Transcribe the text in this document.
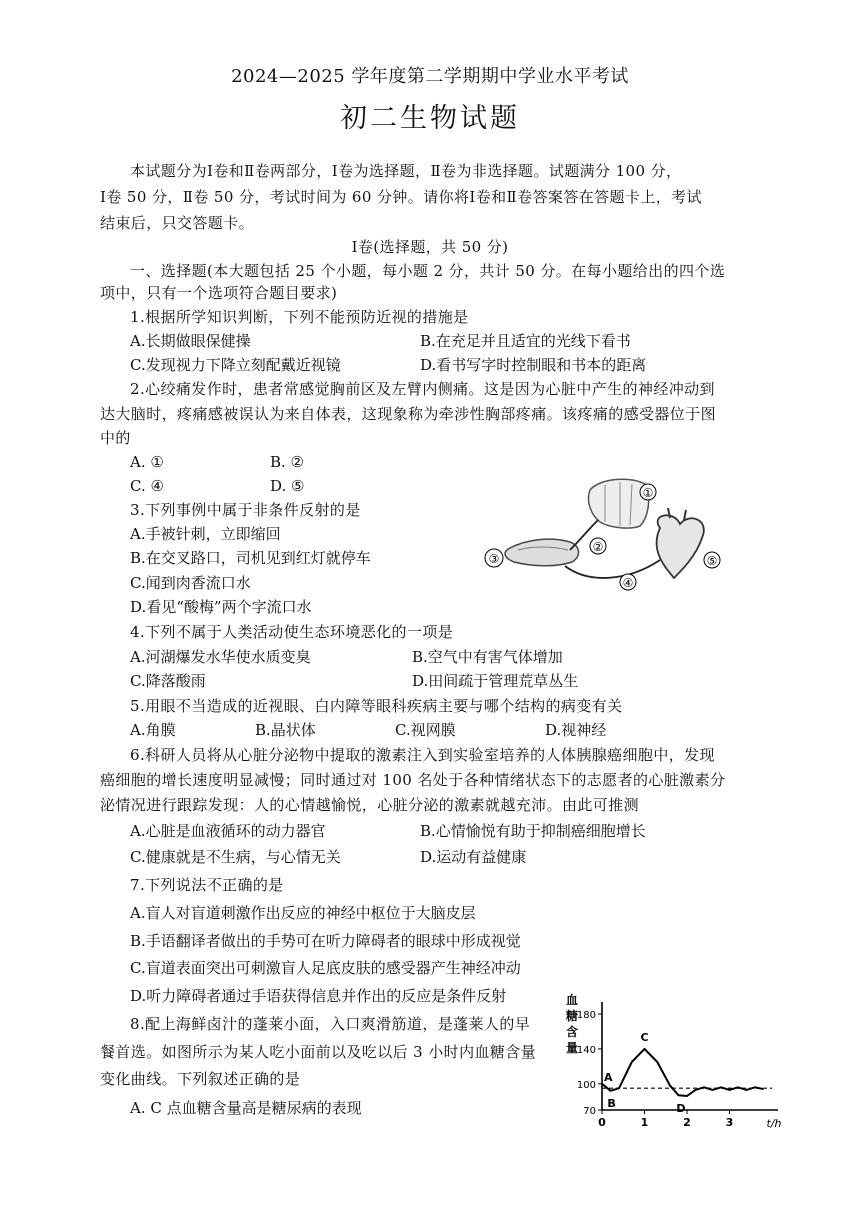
2024—2025 学年度第二学期期中学业水平考试
初二生物试题
本试题分为Ⅰ卷和Ⅱ卷两部分，Ⅰ卷为选择题，Ⅱ卷为非选择题。试题满分 100 分，
Ⅰ卷 50 分，Ⅱ卷 50 分，考试时间为 60 分钟。请你将Ⅰ卷和Ⅱ卷答案答在答题卡上，考试
结束后，只交答题卡。
Ⅰ卷(选择题，共 50 分)
一、选择题(本大题包括 25 个小题，每小题 2 分，共计 50 分。在每小题给出的四个选
项中，只有一个选项符合题目要求)
1.根据所学知识判断，下列不能预防近视的措施是
A.长期做眼保健操	B.在充足并且适宜的光线下看书
C.发现视力下降立刻配戴近视镜	D.看书写字时控制眼和书本的距离
2.心绞痛发作时，患者常感觉胸前区及左臂内侧痛。这是因为心脏中产生的神经冲动到
达大脑时，疼痛感被误认为来自体表，这现象称为牵涉性胸部疼痛。该疼痛的感受器位于图
中的
A. ①	B. ②
C. ④	D. ⑤	①
②
③
④
⑤
3.下列事例中属于非条件反射的是
A.手被针刺，立即缩回
B.在交叉路口，司机见到红灯就停车
C.闻到肉香流口水
D.看见“酸梅”两个字流口水
4.下列不属于人类活动使生态环境恶化的一项是
A.河湖爆发水华使水质变臭	B.空气中有害气体增加
C.降落酸雨	D.田间疏于管理荒草丛生
5.用眼不当造成的近视眼、白内障等眼科疾病主要与哪个结构的病变有关
A.角膜	B.晶状体	C.视网膜	D.视神经
6.科研人员将从心脏分泌物中提取的激素注入到实验室培养的人体胰腺癌细胞中，发现
癌细胞的增长速度明显减慢；同时通过对 100 名处于各种情绪状态下的志愿者的心脏激素分
泌情况进行跟踪发现：人的心情越愉悦，心脏分泌的激素就越充沛。由此可推测
A.心脏是血液循环的动力器官	B.心情愉悦有助于抑制癌细胞增长
C.健康就是不生病，与心情无关	D.运动有益健康
7.下列说法不正确的是
A.盲人对盲道刺激作出反应的神经中枢位于大脑皮层
B.手语翻译者做出的手势可在听力障碍者的眼球中形成视觉
C.盲道表面突出可刺激盲人足底皮肤的感受器产生神经冲动
D.听力障碍者通过手语获得信息并作出的反应是条件反射
8.配上海鲜卤汁的蓬莱小面，入口爽滑筋道，是蓬莱人的早
餐首选。如图所示为某人吃小面前以及吃以后 3 小时内血糖含量
变化曲线。下列叙述正确的是
A. C 点血糖含量高是糖尿病的表现
血
糖
含
量
180
140
100
70
0	1	2	3	t/h
A
B
C
D
